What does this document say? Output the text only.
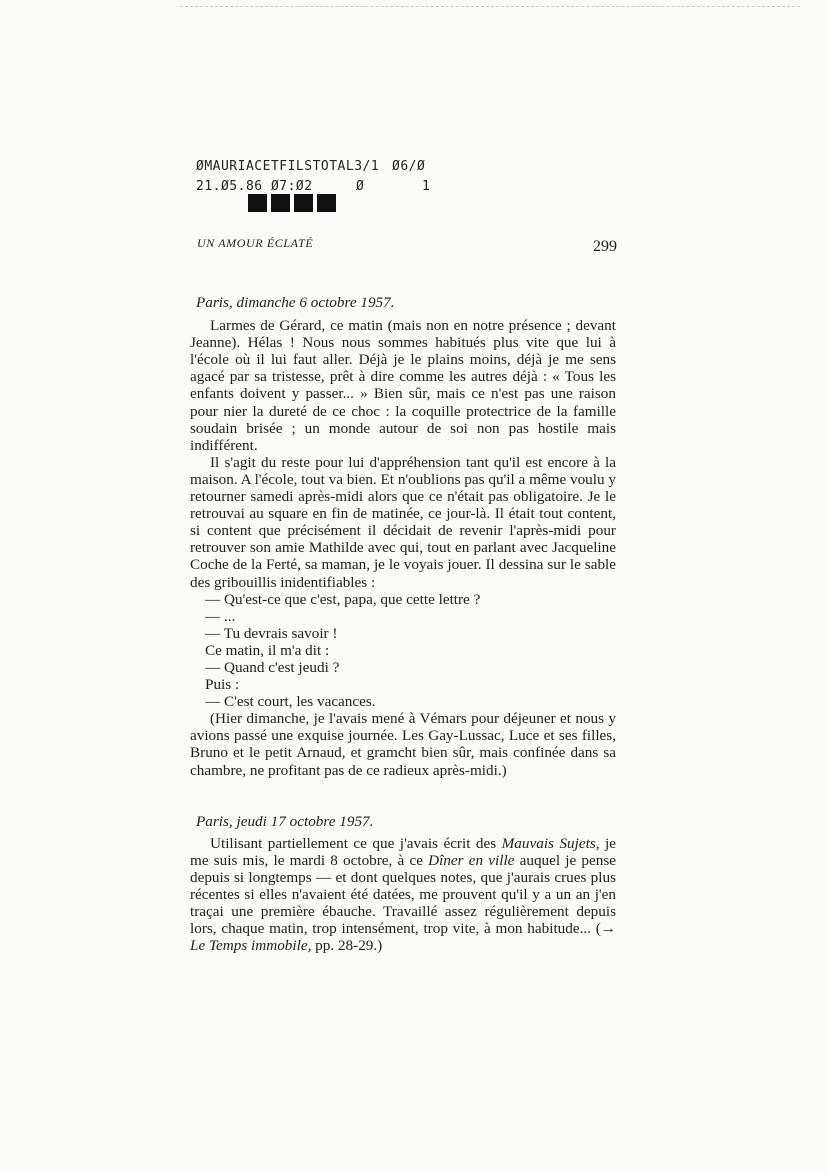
ØMAURIACETFILSTOTAL3/1 Ø6/Ø
21.Ø5.86 Ø7:Ø2	Ø	1
UN AMOUR ÉCLATÉ	299

Paris, dimanche 6 octobre 1957.

Larmes de Gérard, ce matin (mais non en notre présence ; devant Jeanne). Hélas ! Nous nous sommes habitués plus vite que lui à l'école où il lui faut aller. Déjà je le plains moins, déjà je me sens agacé par sa tristesse, prêt à dire comme les autres déjà : « Tous les enfants doivent y passer... » Bien sûr, mais ce n'est pas une raison pour nier la dureté de ce choc : la coquille protectrice de la famille soudain brisée ; un monde autour de soi non pas hostile mais indifférent.

Il s'agit du reste pour lui d'appréhension tant qu'il est encore à la maison. A l'école, tout va bien. Et n'oublions pas qu'il a même voulu y retourner samedi après-midi alors que ce n'était pas obligatoire. Je le retrouvai au square en fin de matinée, ce jour-là. Il était tout content, si content que précisément il décidait de revenir l'après-midi pour retrouver son amie Mathilde avec qui, tout en parlant avec Jacqueline Coche de la Ferté, sa maman, je le voyais jouer. Il dessina sur le sable des gribouillis inidentifiables :

— Qu'est-ce que c'est, papa, que cette lettre ?

— ...

— Tu devrais savoir !

Ce matin, il m'a dit :

— Quand c'est jeudi ?

Puis :

— C'est court, les vacances.

(Hier dimanche, je l'avais mené à Vémars pour déjeuner et nous y avions passé une exquise journée. Les Gay-Lussac, Luce et ses filles, Bruno et le petit Arnaud, et gramcht bien sûr, mais confinée dans sa chambre, ne profitant pas de ce radieux après-midi.)

Paris, jeudi 17 octobre 1957.

Utilisant partiellement ce que j'avais écrit des Mauvais Sujets, je me suis mis, le mardi 8 octobre, à ce Dîner en ville auquel je pense depuis si longtemps — et dont quelques notes, que j'aurais crues plus récentes si elles n'avaient été datées, me prouvent qu'il y a un an j'en traçai une première ébauche. Travaillé assez régulièrement depuis lors, chaque matin, trop intensément, trop vite, à mon habitude... (→ Le Temps immobile, pp. 28-29.)
